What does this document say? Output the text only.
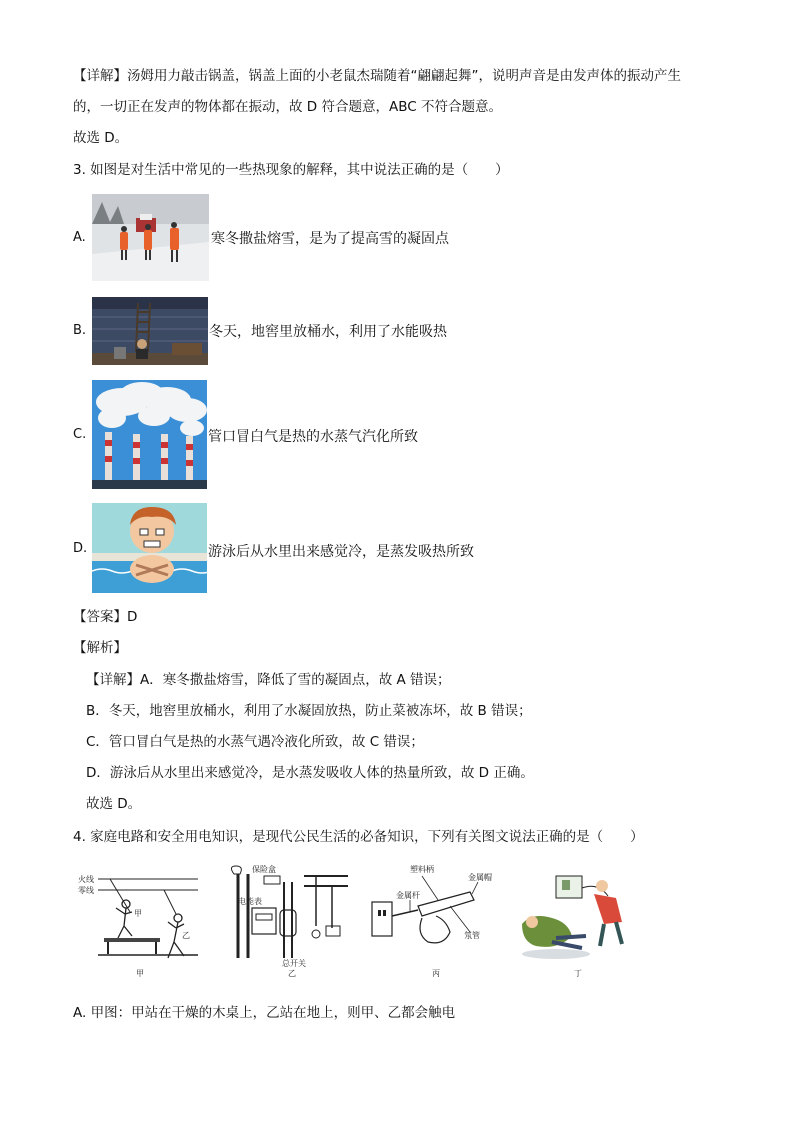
【详解】汤姆用力敲击锅盖，锅盖上面的小老鼠杰瑞随着“翩翩起舞”，说明声音是由发声体的振动产生
的，一切正在发声的物体都在振动，故 D 符合题意，ABC 不符合题意。
故选 D。
3. 如图是对生活中常见的一些热现象的解释，其中说法正确的是（　　）
A.	寒冬撒盐熔雪，是为了提高雪的凝固点
B.	冬天，地窖里放桶水，利用了水能吸热
C.	管口冒白气是热的水蒸气汽化所致
D.	游泳后从水里出来感觉冷，是蒸发吸热所致
【答案】D
【解析】
【详解】A．寒冬撒盐熔雪，降低了雪的凝固点，故 A 错误；
B．冬天，地窖里放桶水，利用了水凝固放热，防止菜被冻坏，故 B 错误；
C．管口冒白气是热的水蒸气遇冷液化所致，故 C 错误；
D．游泳后从水里出来感觉冷，是水蒸发吸收人体的热量所致，故 D 正确。
故选 D。
4. 家庭电路和安全用电知识，是现代公民生活的必备知识，下列有关图文说法正确的是（　　）
火线
零线
甲
乙
甲
保险盒
电能表
总开关
乙
塑料柄
金属帽
金属杆
氖管
丙	丁
A. 甲图：甲站在干燥的木桌上，乙站在地上，则甲、乙都会触电
